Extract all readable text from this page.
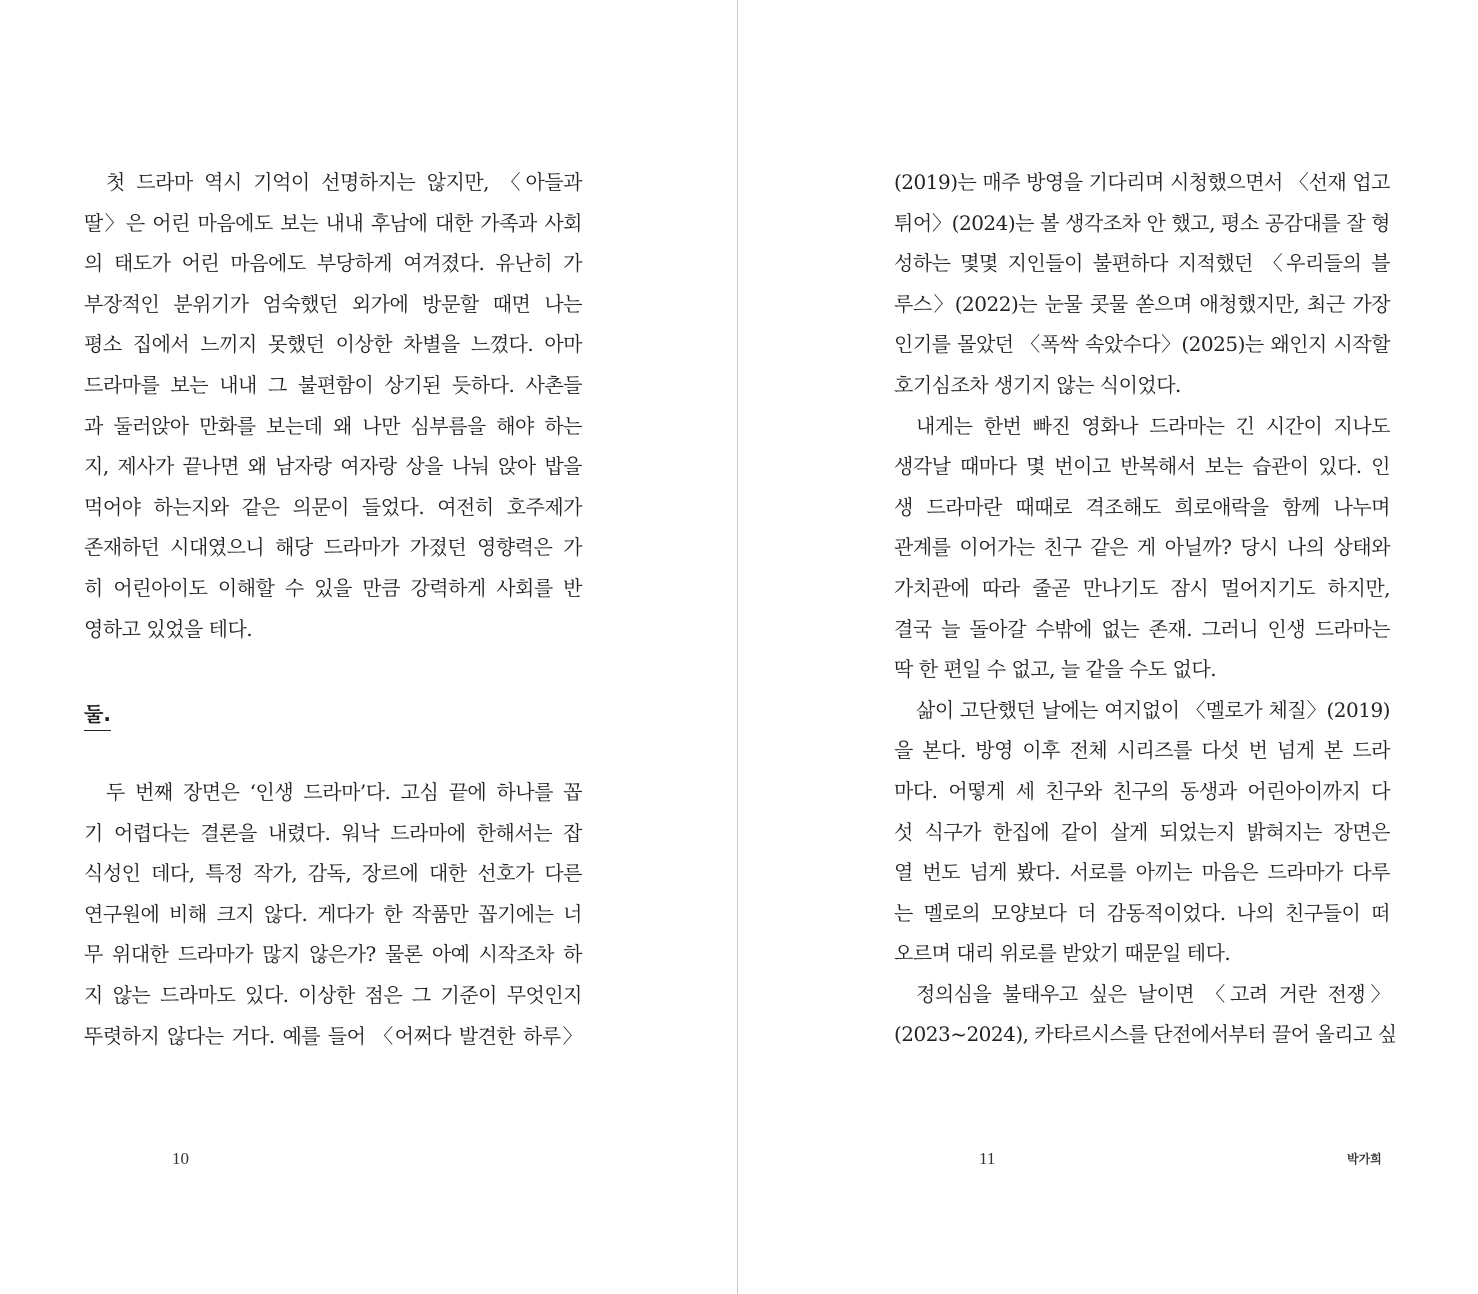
첫 드라마 역시 기억이 선명하지는 않지만, 〈아들과
딸〉은 어린 마음에도 보는 내내 후남에 대한 가족과 사회
의 태도가 어린 마음에도 부당하게 여겨졌다. 유난히 가
부장적인 분위기가 엄숙했던 외가에 방문할 때면 나는
평소 집에서 느끼지 못했던 이상한 차별을 느꼈다. 아마
드라마를 보는 내내 그 불편함이 상기된 듯하다. 사촌들
과 둘러앉아 만화를 보는데 왜 나만 심부름을 해야 하는
지, 제사가 끝나면 왜 남자랑 여자랑 상을 나눠 앉아 밥을
먹어야 하는지와 같은 의문이 들었다. 여전히 호주제가
존재하던 시대였으니 해당 드라마가 가졌던 영향력은 가
히 어린아이도 이해할 수 있을 만큼 강력하게 사회를 반
영하고 있었을 테다.
둘.
두 번째 장면은 ‘인생 드라마’다. 고심 끝에 하나를 꼽
기 어렵다는 결론을 내렸다. 워낙 드라마에 한해서는 잡
식성인 데다, 특정 작가, 감독, 장르에 대한 선호가 다른
연구원에 비해 크지 않다. 게다가 한 작품만 꼽기에는 너
무 위대한 드라마가 많지 않은가? 물론 아예 시작조차 하
지 않는 드라마도 있다. 이상한 점은 그 기준이 무엇인지
뚜렷하지 않다는 거다. 예를 들어 〈어쩌다 발견한 하루〉
10
(2019)는 매주 방영을 기다리며 시청했으면서 〈선재 업고
튀어〉(2024)는 볼 생각조차 안 했고, 평소 공감대를 잘 형
성하는 몇몇 지인들이 불편하다 지적했던 〈우리들의 블
루스〉(2022)는 눈물 콧물 쏟으며 애청했지만, 최근 가장
인기를 몰았던 〈폭싹 속았수다〉(2025)는 왜인지 시작할
호기심조차 생기지 않는 식이었다.
내게는 한번 빠진 영화나 드라마는 긴 시간이 지나도
생각날 때마다 몇 번이고 반복해서 보는 습관이 있다. 인
생 드라마란 때때로 격조해도 희로애락을 함께 나누며
관계를 이어가는 친구 같은 게 아닐까? 당시 나의 상태와
가치관에 따라 줄곧 만나기도 잠시 멀어지기도 하지만,
결국 늘 돌아갈 수밖에 없는 존재. 그러니 인생 드라마는
딱 한 편일 수 없고, 늘 같을 수도 없다.
삶이 고단했던 날에는 여지없이 〈멜로가 체질〉(2019)
을 본다. 방영 이후 전체 시리즈를 다섯 번 넘게 본 드라
마다. 어떻게 세 친구와 친구의 동생과 어린아이까지 다
섯 식구가 한집에 같이 살게 되었는지 밝혀지는 장면은
열 번도 넘게 봤다. 서로를 아끼는 마음은 드라마가 다루
는 멜로의 모양보다 더 감동적이었다. 나의 친구들이 떠
오르며 대리 위로를 받았기 때문일 테다.
정의심을 불태우고 싶은 날이면 〈고려 거란 전쟁〉
(2023~2024), 카타르시스를 단전에서부터 끌어 올리고 싶
11	박가희
